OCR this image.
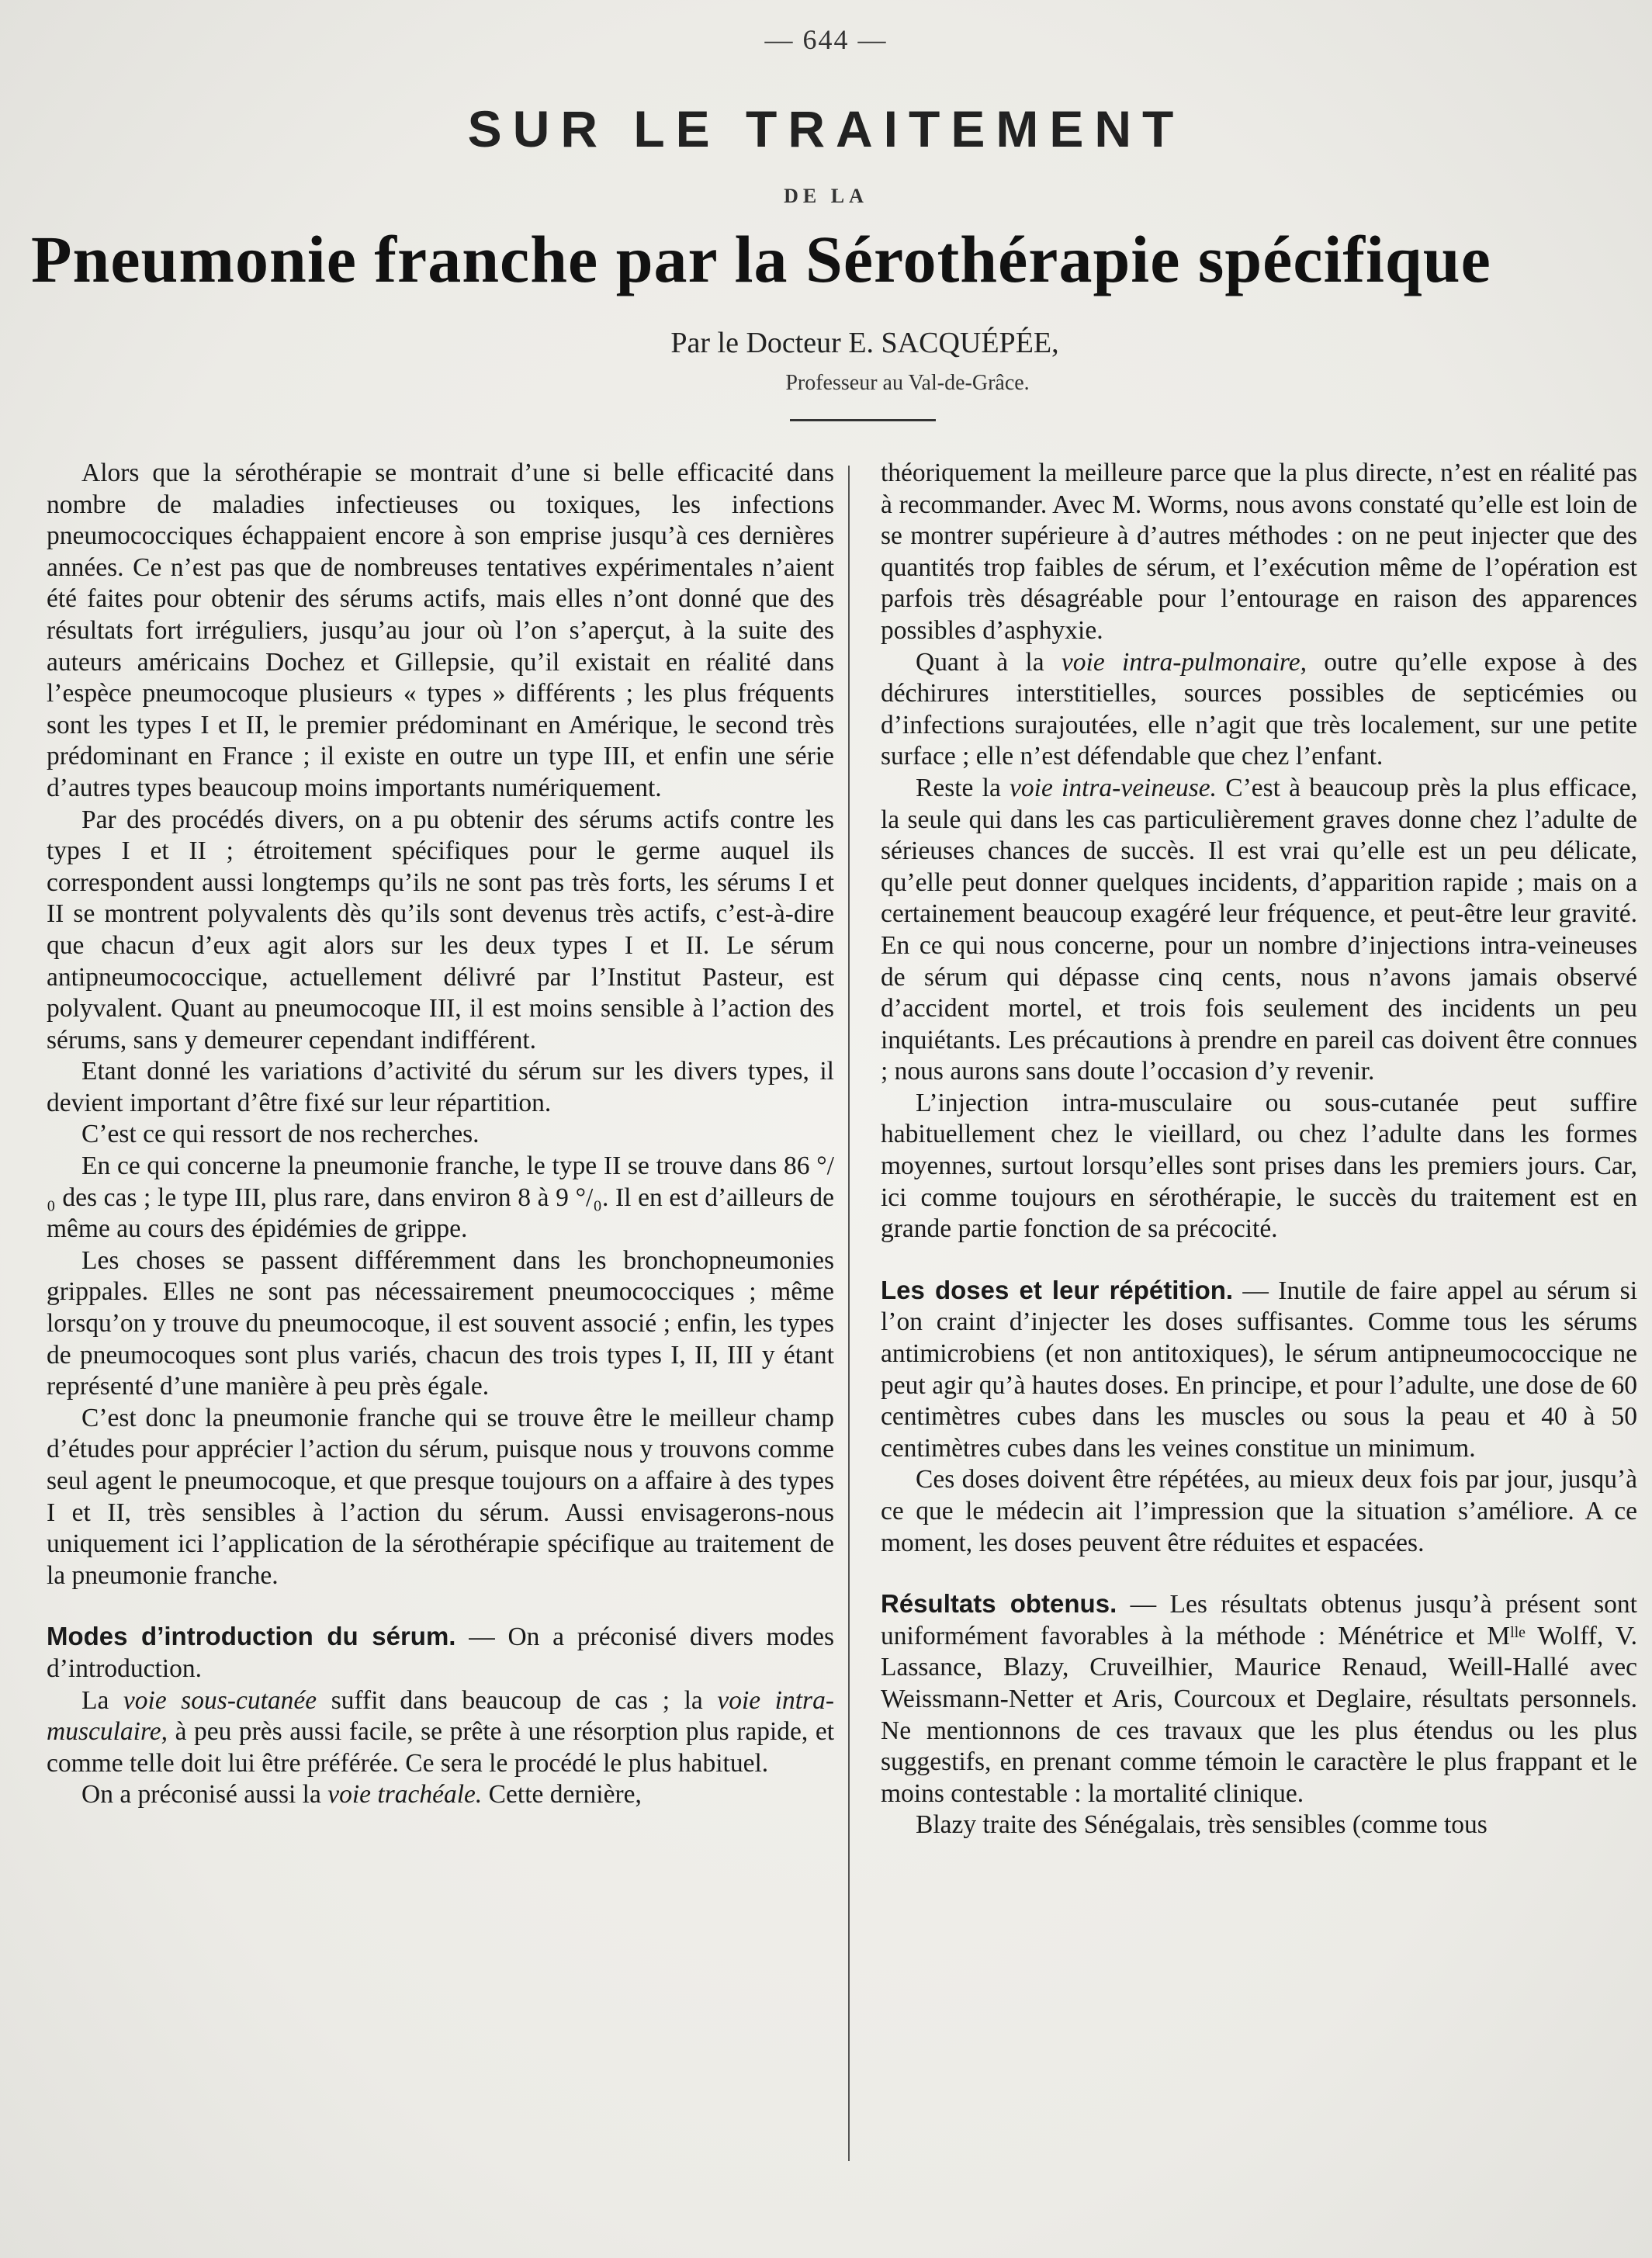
— 644 —
SUR LE TRAITEMENT
DE LA
Pneumonie franche par la Sérothérapie spécifique
Par le Docteur E. SACQUÉPÉE,
Professeur au Val-de-Grâce.

Alors que la sérothérapie se montrait d’une si belle efficacité dans nombre de maladies infectieuses ou toxiques, les infections pneumococciques échappaient encore à son emprise jusqu’à ces dernières années. Ce n’est pas que de nombreuses tentatives expérimentales n’aient été faites pour obtenir des sérums actifs, mais elles n’ont donné que des résultats fort irréguliers, jusqu’au jour où l’on s’aperçut, à la suite des auteurs américains Dochez et Gillepsie, qu’il existait en réalité dans l’espèce pneumocoque plusieurs « types » différents ; les plus fréquents sont les types I et II, le premier prédominant en Amérique, le second très prédominant en France ; il existe en outre un type III, et enfin une série d’autres types beaucoup moins importants numériquement.

Par des procédés divers, on a pu obtenir des sérums actifs contre les types I et II ; étroitement spécifiques pour le germe auquel ils correspondent aussi longtemps qu’ils ne sont pas très forts, les sérums I et II se montrent polyvalents dès qu’ils sont devenus très actifs, c’est-à-dire que chacun d’eux agit alors sur les deux types I et II. Le sérum antipneumococcique, actuellement délivré par l’Institut Pasteur, est polyvalent. Quant au pneumocoque III, il est moins sensible à l’action des sérums, sans y demeurer cependant indifférent.

Etant donné les variations d’activité du sérum sur les divers types, il devient important d’être fixé sur leur répartition.

C’est ce qui ressort de nos recherches.

En ce qui concerne la pneumonie franche, le type II se trouve dans 86 °/₀ des cas ; le type III, plus rare, dans environ 8 à 9 °/₀. Il en est d’ailleurs de même au cours des épidémies de grippe.

Les choses se passent différemment dans les bronchopneumonies grippales. Elles ne sont pas nécessairement pneumococciques ; même lorsqu’on y trouve du pneumocoque, il est souvent associé ; enfin, les types de pneumocoques sont plus variés, chacun des trois types I, II, III y étant représenté d’une manière à peu près égale.

C’est donc la pneumonie franche qui se trouve être le meilleur champ d’études pour apprécier l’action du sérum, puisque nous y trouvons comme seul agent le pneumocoque, et que presque toujours on a affaire à des types I et II, très sensibles à l’action du sérum. Aussi envisagerons-nous uniquement ici l’application de la sérothérapie spécifique au traitement de la pneumonie franche.

Modes d’introduction du sérum. — On a préconisé divers modes d’introduction.

La voie sous-cutanée suffit dans beaucoup de cas ; la voie intra-musculaire, à peu près aussi facile, se prête à une résorption plus rapide, et comme telle doit lui être préférée. Ce sera le procédé le plus habituel.

On a préconisé aussi la voie trachéale. Cette dernière,

théoriquement la meilleure parce que la plus directe, n’est en réalité pas à recommander. Avec M. Worms, nous avons constaté qu’elle est loin de se montrer supérieure à d’autres méthodes : on ne peut injecter que des quantités trop faibles de sérum, et l’exécution même de l’opération est parfois très désagréable pour l’entourage en raison des apparences possibles d’asphyxie.

Quant à la voie intra-pulmonaire, outre qu’elle expose à des déchirures interstitielles, sources possibles de septicémies ou d’infections surajoutées, elle n’agit que très localement, sur une petite surface ; elle n’est défendable que chez l’enfant.

Reste la voie intra-veineuse. C’est à beaucoup près la plus efficace, la seule qui dans les cas particulièrement graves donne chez l’adulte de sérieuses chances de succès. Il est vrai qu’elle est un peu délicate, qu’elle peut donner quelques incidents, d’apparition rapide ; mais on a certainement beaucoup exagéré leur fréquence, et peut-être leur gravité. En ce qui nous concerne, pour un nombre d’injections intra-veineuses de sérum qui dépasse cinq cents, nous n’avons jamais observé d’accident mortel, et trois fois seulement des incidents un peu inquiétants. Les précautions à prendre en pareil cas doivent être connues ; nous aurons sans doute l’occasion d’y revenir.

L’injection intra-musculaire ou sous-cutanée peut suffire habituellement chez le vieillard, ou chez l’adulte dans les formes moyennes, surtout lorsqu’elles sont prises dans les premiers jours. Car, ici comme toujours en sérothérapie, le succès du traitement est en grande partie fonction de sa précocité.

Les doses et leur répétition. — Inutile de faire appel au sérum si l’on craint d’injecter les doses suffisantes. Comme tous les sérums antimicrobiens (et non antitoxiques), le sérum antipneumococcique ne peut agir qu’à hautes doses. En principe, et pour l’adulte, une dose de 60 centimètres cubes dans les muscles ou sous la peau et 40 à 50 centimètres cubes dans les veines constitue un minimum.

Ces doses doivent être répétées, au mieux deux fois par jour, jusqu’à ce que le médecin ait l’impression que la situation s’améliore. A ce moment, les doses peuvent être réduites et espacées.

Résultats obtenus. — Les résultats obtenus jusqu’à présent sont uniformément favorables à la méthode : Ménétrice et Mˡˡᵉ Wolff, V. Lassance, Blazy, Cruveilhier, Maurice Renaud, Weill-Hallé avec Weissmann-Netter et Aris, Courcoux et Deglaire, résultats personnels. Ne mentionnons de ces travaux que les plus étendus ou les plus suggestifs, en prenant comme témoin le caractère le plus frappant et le moins contestable : la mortalité clinique.

Blazy traite des Sénégalais, très sensibles (comme tous
